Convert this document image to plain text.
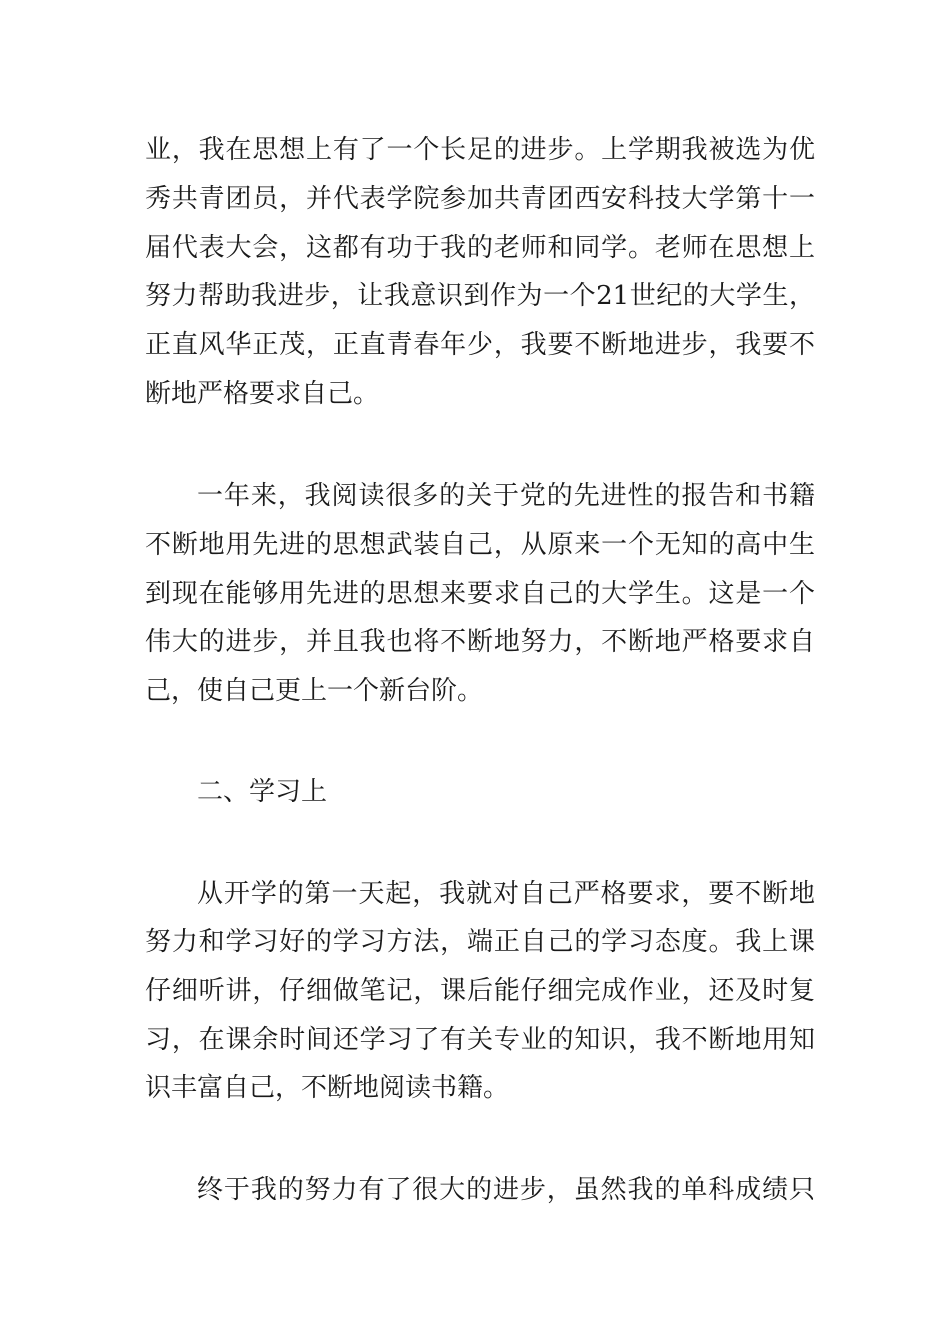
业，我在思想上有了一个长足的进步。上学期我被选为优
秀共青团员，并代表学院参加共青团西安科技大学第十一
届代表大会，这都有功于我的老师和同学。老师在思想上
努力帮助我进步，让我意识到作为一个21世纪的大学生，
正直风华正茂，正直青春年少，我要不断地进步，我要不
断地严格要求自己。
一年来，我阅读很多的关于党的先进性的报告和书籍
不断地用先进的思想武装自己，从原来一个无知的高中生
到现在能够用先进的思想来要求自己的大学生。这是一个
伟大的进步，并且我也将不断地努力，不断地严格要求自
己，使自己更上一个新台阶。
二、学习上
从开学的第一天起，我就对自己严格要求，要不断地
努力和学习好的学习方法，端正自己的学习态度。我上课
仔细听讲，仔细做笔记，课后能仔细完成作业，还及时复
习，在课余时间还学习了有关专业的知识，我不断地用知
识丰富自己，不断地阅读书籍。
终于我的努力有了很大的进步，虽然我的单科成绩只
